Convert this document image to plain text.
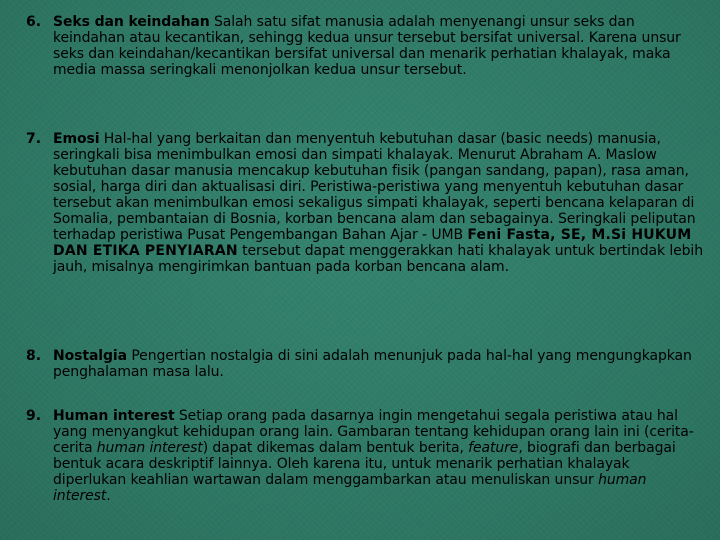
6. Seks dan keindahan Salah satu sifat manusia adalah menyenangi unsur seks dan keindahan atau kecantikan, sehingg kedua unsur tersebut bersifat universal. Karena unsur seks dan keindahan/kecantikan bersifat universal dan menarik perhatian khalayak, maka media massa seringkali menonjolkan kedua unsur tersebut.

7. Emosi Hal-hal yang berkaitan dan menyentuh kebutuhan dasar (basic needs) manusia, seringkali bisa menimbulkan emosi dan simpati khalayak. Menurut Abraham A. Maslow kebutuhan dasar manusia mencakup kebutuhan fisik (pangan sandang, papan), rasa aman, sosial, harga diri dan aktualisasi diri. Peristiwa-peristiwa yang menyentuh kebutuhan dasar tersebut akan menimbulkan emosi sekaligus simpati khalayak, seperti bencana kelaparan di Somalia, pembantaian di Bosnia, korban bencana alam dan sebagainya. Seringkali peliputan terhadap peristiwa Pusat Pengembangan Bahan Ajar - UMB Feni Fasta, SE, M.Si HUKUM DAN ETIKA PENYIARAN tersebut dapat menggerakkan hati khalayak untuk bertindak lebih jauh, misalnya mengirimkan bantuan pada korban bencana alam.

8. Nostalgia Pengertian nostalgia di sini adalah menunjuk pada hal-hal yang mengungkapkan penghalaman masa lalu.

9. Human interest Setiap orang pada dasarnya ingin mengetahui segala peristiwa atau hal yang menyangkut kehidupan orang lain. Gambaran tentang kehidupan orang lain ini (cerita-cerita human interest) dapat dikemas dalam bentuk berita, feature, biografi dan berbagai bentuk acara deskriptif lainnya. Oleh karena itu, untuk menarik perhatian khalayak diperlukan keahlian wartawan dalam menggambarkan atau menuliskan unsur human interest.
